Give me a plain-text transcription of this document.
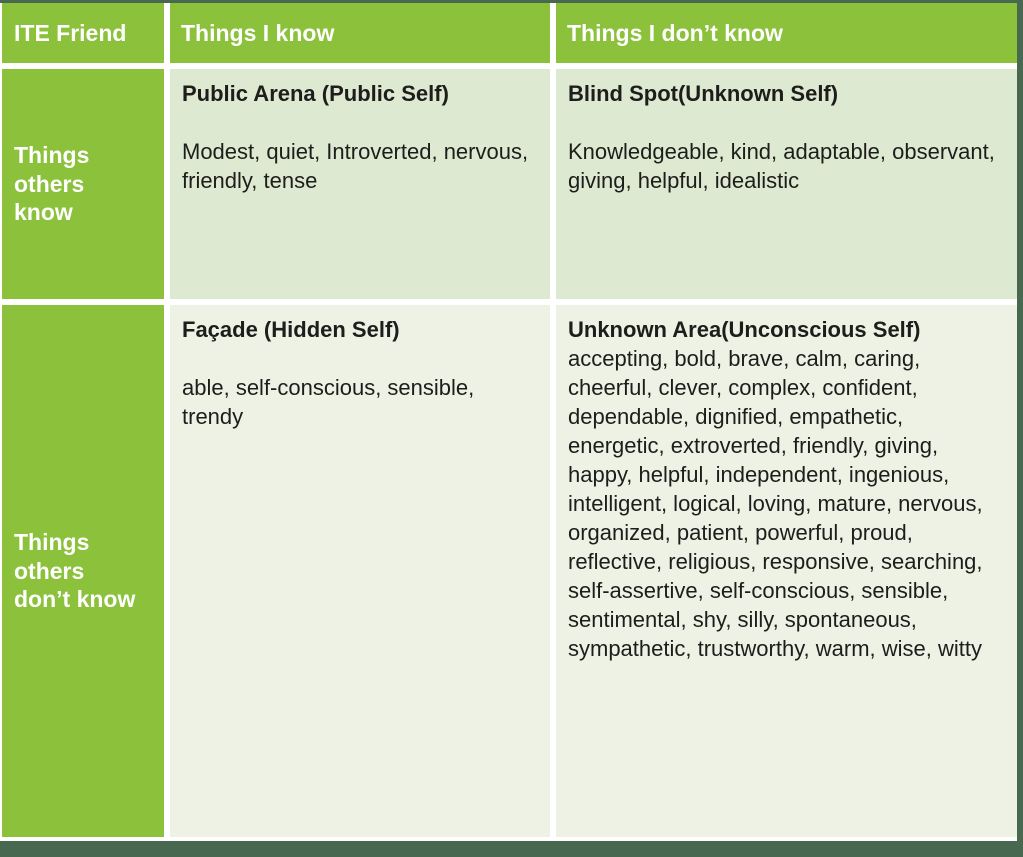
ITE Friend Things I know	Things I don’t know
Things others know
Public Arena (Public Self)
Modest, quiet, Introverted, nervous, friendly, tense
Blind Spot(Unknown Self)
Knowledgeable, kind, adaptable, observant, giving, helpful, idealistic
Things others don’t know
Façade (Hidden Self)
able, self-conscious, sensible, trendy
Unknown Area(Unconscious Self)
accepting, bold, brave, calm, caring, cheerful, clever, complex, confident, dependable, dignified, empathetic, energetic, extroverted, friendly, giving, happy, helpful, independent, ingenious, intelligent, logical, loving, mature, nervous, organized, patient, powerful, proud, reflective, religious, responsive, searching, self-assertive, self-conscious, sensible, sentimental, shy, silly, spontaneous, sympathetic, trustworthy, warm, wise, witty
